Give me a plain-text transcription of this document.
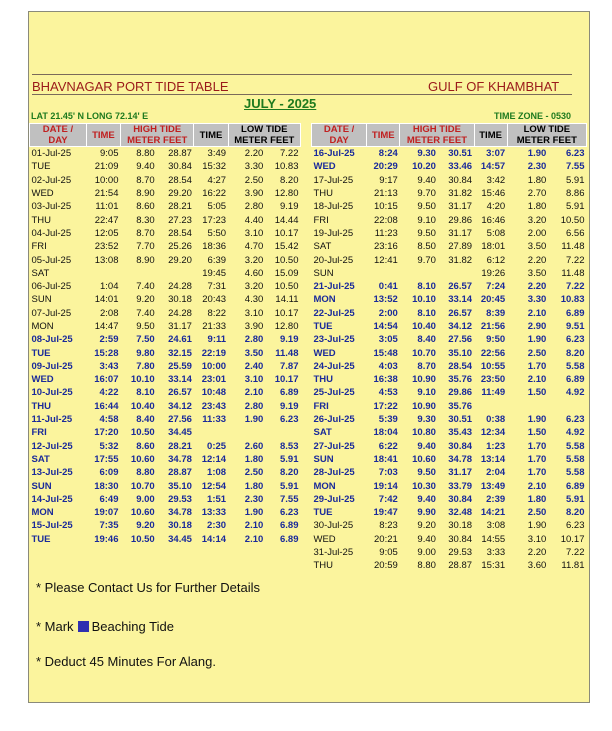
BHAVNAGAR PORT TIDE TABLE	GULF OF KHAMBHAT
JULY - 2025
LAT 21.45' N LONG 72.14' E	TIME ZONE - 0530
DATE /
DAY	TIME	HIGH TIDE
METER FEET		TIME	LOW TIDE
METER FEET	
01-Jul-25	9:05	8.80	28.87	3:49	2.20	7.22
TUE	21:09	9.40	30.84	15:32	3.30	10.83
02-Jul-25	10:00	8.70	28.54	4:27	2.50	8.20
WED	21:54	8.90	29.20	16:22	3.90	12.80
03-Jul-25	11:01	8.60	28.21	5:05	2.80	9.19
THU	22:47	8.30	27.23	17:23	4.40	14.44
04-Jul-25	12:05	8.70	28.54	5:50	3.10	10.17
FRI	23:52	7.70	25.26	18:36	4.70	15.42
05-Jul-25	13:08	8.90	29.20	6:39	3.20	10.50
SAT				19:45	4.60	15.09
06-Jul-25	1:04	7.40	24.28	7:31	3.20	10.50
SUN	14:01	9.20	30.18	20:43	4.30	14.11
07-Jul-25	2:08	7.40	24.28	8:22	3.10	10.17
MON	14:47	9.50	31.17	21:33	3.90	12.80
08-Jul-25	2:59	7.50	24.61	9:11	2.80	9.19
TUE	15:28	9.80	32.15	22:19	3.50	11.48
09-Jul-25	3:43	7.80	25.59	10:00	2.40	7.87
WED	16:07	10.10	33.14	23:01	3.10	10.17
10-Jul-25	4:22	8.10	26.57	10:48	2.10	6.89
THU	16:44	10.40	34.12	23:43	2.80	9.19
11-Jul-25	4:58	8.40	27.56	11:33	1.90	6.23
FRI	17:20	10.50	34.45			
12-Jul-25	5:32	8.60	28.21	0:25	2.60	8.53
SAT	17:55	10.60	34.78	12:14	1.80	5.91
13-Jul-25	6:09	8.80	28.87	1:08	2.50	8.20
SUN	18:30	10.70	35.10	12:54	1.80	5.91
14-Jul-25	6:49	9.00	29.53	1:51	2.30	7.55
MON	19:07	10.60	34.78	13:33	1.90	6.23
15-Jul-25	7:35	9.20	30.18	2:30	2.10	6.89
TUE	19:46	10.50	34.45	14:14	2.10	6.89
DATE /
DAY	TIME	HIGH TIDE
METER FEET		TIME	LOW TIDE
METER FEET	
16-Jul-25	8:24	9.30	30.51	3:07	1.90	6.23
WED	20:29	10.20	33.46	14:57	2.30	7.55
17-Jul-25	9:17	9.40	30.84	3:42	1.80	5.91
THU	21:13	9.70	31.82	15:46	2.70	8.86
18-Jul-25	10:15	9.50	31.17	4:20	1.80	5.91
FRI	22:08	9.10	29.86	16:46	3.20	10.50
19-Jul-25	11:23	9.50	31.17	5:08	2.00	6.56
SAT	23:16	8.50	27.89	18:01	3.50	11.48
20-Jul-25	12:41	9.70	31.82	6:12	2.20	7.22
SUN				19:26	3.50	11.48
21-Jul-25	0:41	8.10	26.57	7:24	2.20	7.22
MON	13:52	10.10	33.14	20:45	3.30	10.83
22-Jul-25	2:00	8.10	26.57	8:39	2.10	6.89
TUE	14:54	10.40	34.12	21:56	2.90	9.51
23-Jul-25	3:05	8.40	27.56	9:50	1.90	6.23
WED	15:48	10.70	35.10	22:56	2.50	8.20
24-Jul-25	4:03	8.70	28.54	10:55	1.70	5.58
THU	16:38	10.90	35.76	23:50	2.10	6.89
25-Jul-25	4:53	9.10	29.86	11:49	1.50	4.92
FRI	17:22	10.90	35.76			
26-Jul-25	5:39	9.30	30.51	0:38	1.90	6.23
SAT	18:04	10.80	35.43	12:34	1.50	4.92
27-Jul-25	6:22	9.40	30.84	1:23	1.70	5.58
SUN	18:41	10.60	34.78	13:14	1.70	5.58
28-Jul-25	7:03	9.50	31.17	2:04	1.70	5.58
MON	19:14	10.30	33.79	13:49	2.10	6.89
29-Jul-25	7:42	9.40	30.84	2:39	1.80	5.91
TUE	19:47	9.90	32.48	14:21	2.50	8.20
30-Jul-25	8:23	9.20	30.18	3:08	1.90	6.23
WED	20:21	9.40	30.84	14:55	3.10	10.17
31-Jul-25	9:05	9.00	29.53	3:33	2.20	7.22
THU	20:59	8.80	28.87	15:31	3.60	11.81
* Please Contact Us for Further Details
* Mark Beaching Tide
* Deduct 45 Minutes For Alang.
